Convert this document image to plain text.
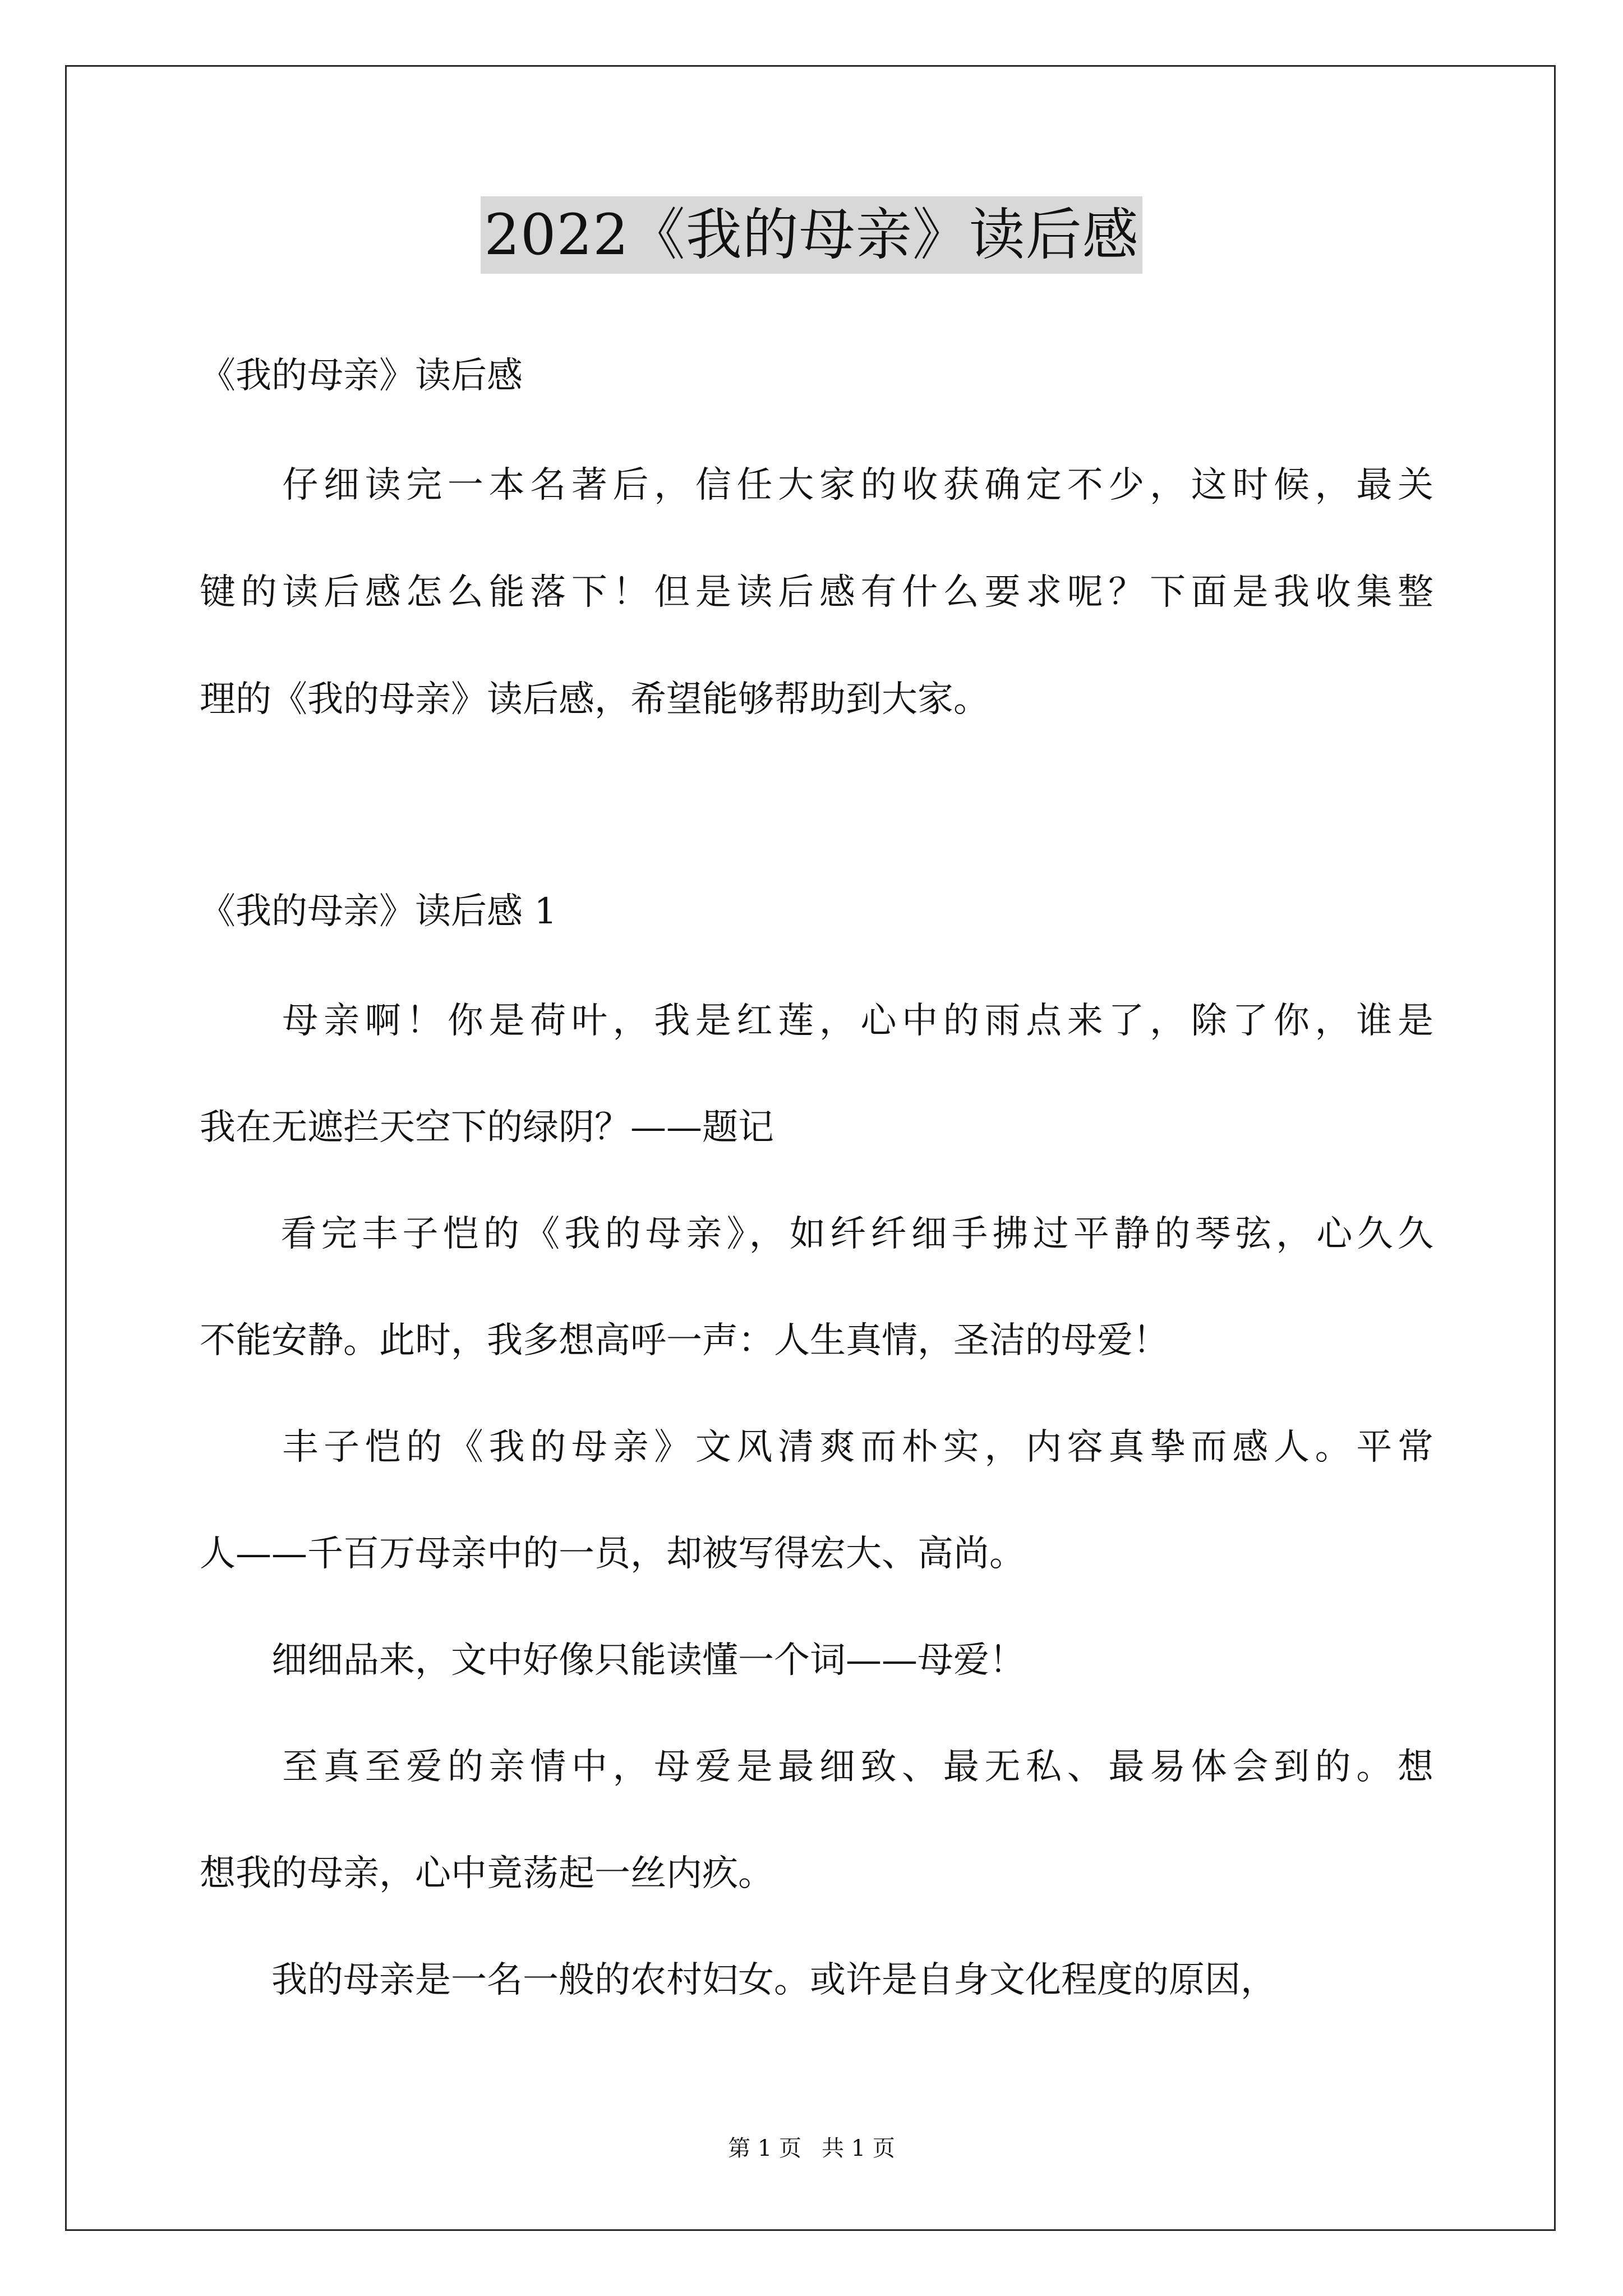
2022《我的母亲》读后感
《我的母亲》读后感
　　仔细读完一本名著后，信任大家的收获确定不少，这时候，最关
键的读后感怎么能落下！但是读后感有什么要求呢？下面是我收集整
理的《我的母亲》读后感，希望能够帮助到大家。
《我的母亲》读后感 1
　　母亲啊！你是荷叶，我是红莲，心中的雨点来了，除了你，谁是
我在无遮拦天空下的绿阴？——题记
　　看完丰子恺的《我的母亲》，如纤纤细手拂过平静的琴弦，心久久
不能安静。此时，我多想高呼一声：人生真情，圣洁的母爱！
　　丰子恺的《我的母亲》文风清爽而朴实，内容真挚而感人。平常
人——千百万母亲中的一员，却被写得宏大、高尚。
　　细细品来，文中好像只能读懂一个词——母爱！
　　至真至爱的亲情中，母爱是最细致、最无私、最易体会到的。想
想我的母亲，心中竟荡起一丝内疚。
　　我的母亲是一名一般的农村妇女。或许是自身文化程度的原因，
第 1 页 共 1 页
